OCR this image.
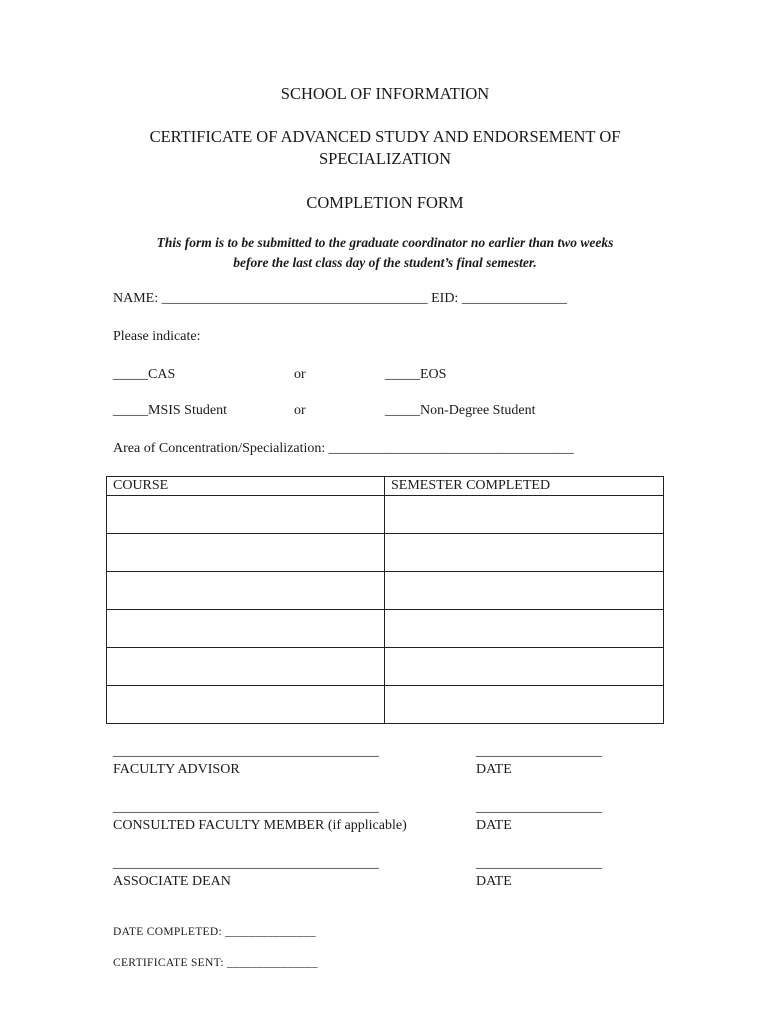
SCHOOL OF INFORMATION
CERTIFICATE OF ADVANCED STUDY AND ENDORSEMENT OF
SPECIALIZATION
COMPLETION FORM
This form is to be submitted to the graduate coordinator no earlier than two weeks
before the last class day of the student’s final semester.
NAME: ______________________________________ EID: _______________
Please indicate:
_____CAS	or	_____EOS
_____MSIS Student	or	_____Non-Degree Student
Area of Concentration/Specialization: ___________________________________
COURSE	SEMESTER COMPLETED

______________________________________	__________________
FACULTY ADVISOR	DATE
______________________________________	__________________
CONSULTED FACULTY MEMBER (if applicable)	DATE
______________________________________	__________________
ASSOCIATE DEAN	DATE
DATE COMPLETED: _______________
CERTIFICATE SENT: _______________
